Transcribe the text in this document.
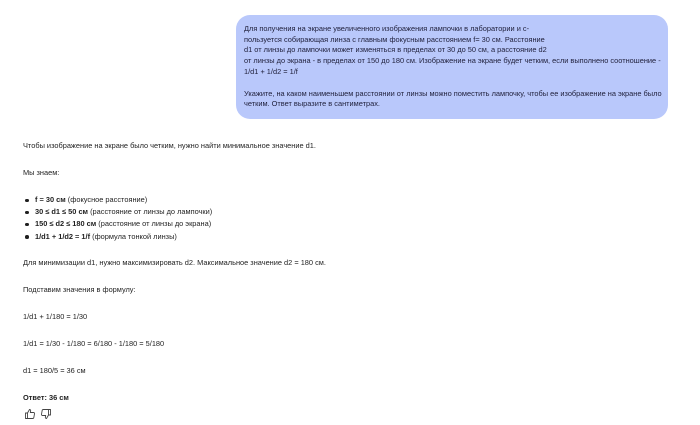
Для получения на экране увеличенного изображения лампочки в лаборатории и с-
пользуется собирающая линза с главным фокусным расстоянием f= 30 см. Расстояние
d1 от линзы до лампочки может изменяться в пределах от 30 до 50 см, а расстояние d2
от линзы до экрана - в пределах от 150 до 180 см. Изображение на экране будет четким, если выполнено соотношение -
1/d1 + 1/d2 = 1/f
Укажите, на каком наименьшем расстоянии от линзы можно поместить лампочку, чтобы ее изображение на экране было
четким. Ответ выразите в сантиметрах.
Чтобы изображение на экране было четким, нужно найти минимальное значение d1.
Мы знаем:
f = 30 см (фокусное расстояние)
30 ≤ d1 ≤ 50 см (расстояние от линзы до лампочки)
150 ≤ d2 ≤ 180 см (расстояние от линзы до экрана)
1/d1 + 1/d2 = 1/f (формула тонкой линзы)
Для минимизации d1, нужно максимизировать d2. Максимальное значение d2 = 180 см.
Подставим значения в формулу:
1/d1 + 1/180 = 1/30
1/d1 = 1/30 - 1/180 = 6/180 - 1/180 = 5/180
d1 = 180/5 = 36 см
Ответ: 36 см
